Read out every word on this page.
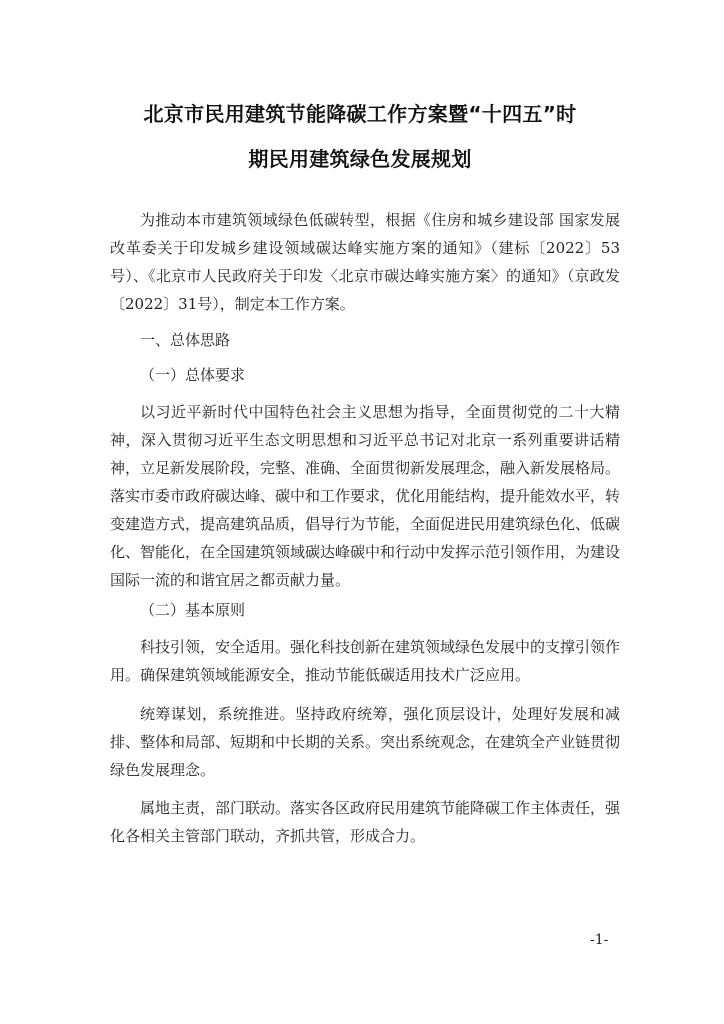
北京市民用建筑节能降碳工作方案暨“十四五”时
期民用建筑绿色发展规划

为推动本市建筑领域绿色低碳转型，根据《住房和城乡建设部 国家发展改革委关于印发城乡建设领域碳达峰实施方案的通知》（建标〔2022〕53号）、《北京市人民政府关于印发〈北京市碳达峰实施方案〉的通知》（京政发〔2022〕31号），制定本工作方案。

一、总体思路

（一）总体要求

以习近平新时代中国特色社会主义思想为指导，全面贯彻党的二十大精神，深入贯彻习近平生态文明思想和习近平总书记对北京一系列重要讲话精神，立足新发展阶段，完整、准确、全面贯彻新发展理念，融入新发展格局。落实市委市政府碳达峰、碳中和工作要求，优化用能结构，提升能效水平，转变建造方式，提高建筑品质，倡导行为节能，全面促进民用建筑绿色化、低碳化、智能化，在全国建筑领域碳达峰碳中和行动中发挥示范引领作用，为建设国际一流的和谐宜居之都贡献力量。

（二）基本原则

科技引领，安全适用。强化科技创新在建筑领域绿色发展中的支撑引领作用。确保建筑领域能源安全，推动节能低碳适用技术广泛应用。

统筹谋划，系统推进。坚持政府统筹，强化顶层设计，处理好发展和减排、整体和局部、短期和中长期的关系。突出系统观念，在建筑全产业链贯彻绿色发展理念。

属地主责，部门联动。落实各区政府民用建筑节能降碳工作主体责任，强化各相关主管部门联动，齐抓共管，形成合力。

-1-
